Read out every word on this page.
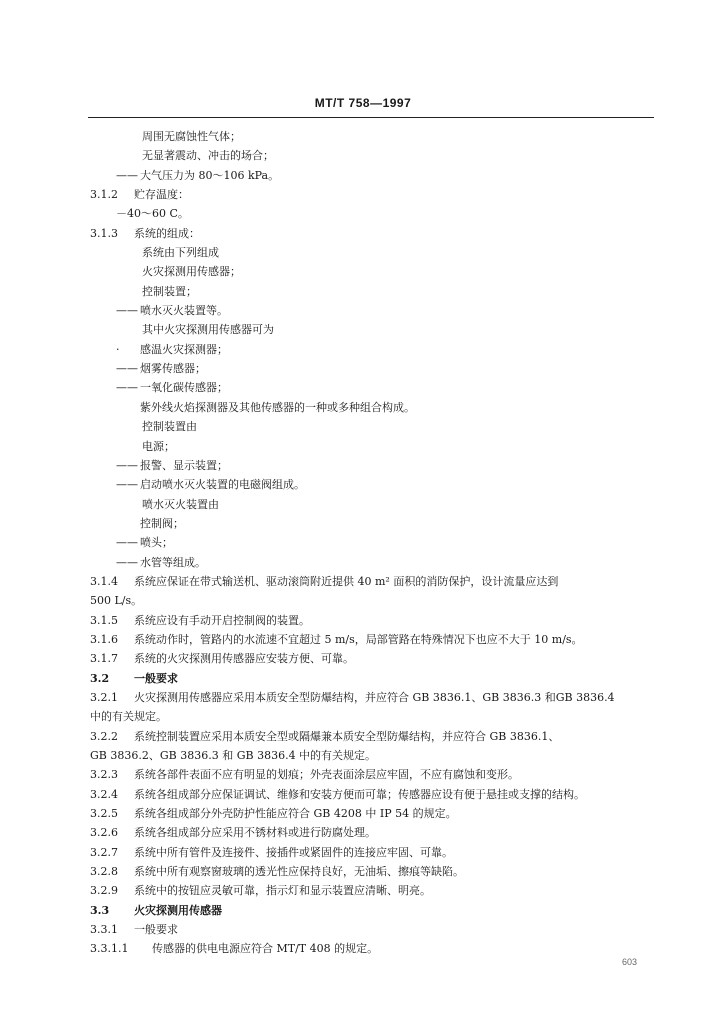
MT/T 758—1997
周围无腐蚀性气体；
无显著震动、冲击的场合；
—— 大气压力为 80～106 kPa。
3.1.2 贮存温度：
－40～60 C。
3.1.3 系统的组成：
系统由下列组成
火灾探测用传感器；
控制装置；
—— 喷水灭火装置等。
其中火灾探测用传感器可为
· 感温火灾探测器；
—— 烟雾传感器；
—— 一氧化碳传感器；
紫外线火焰探测器及其他传感器的一种或多种组合构成。
控制装置由
电源；
—— 报警、显示装置；
—— 启动喷水灭火装置的电磁阀组成。
喷水灭火装置由
控制阀；
—— 喷头；
—— 水管等组成。
3.1.4 系统应保证在带式输送机、驱动滚筒附近提供 40 m² 面积的消防保护，设计流量应达到
500 L/s。
3.1.5 系统应设有手动开启控制阀的装置。
3.1.6 系统动作时，管路内的水流速不宜超过 5 m/s，局部管路在特殊情况下也应不大于 10 m/s。
3.1.7 系统的火灾探测用传感器应安装方便、可靠。
3.2 一般要求
3.2.1 火灾探测用传感器应采用本质安全型防爆结构，并应符合 GB 3836.1、GB 3836.3 和GB 3836.4
中的有关规定。
3.2.2 系统控制装置应采用本质安全型或隔爆兼本质安全型防爆结构，并应符合 GB 3836.1、
GB 3836.2、GB 3836.3 和 GB 3836.4 中的有关规定。
3.2.3 系统各部件表面不应有明显的划痕；外壳表面涂层应牢固，不应有腐蚀和变形。
3.2.4 系统各组成部分应保证调试、维修和安装方便而可靠；传感器应设有便于悬挂或支撑的结构。
3.2.5 系统各组成部分外壳防护性能应符合 GB 4208 中 IP 54 的规定。
3.2.6 系统各组成部分应采用不锈材料或进行防腐处理。
3.2.7 系统中所有管件及连接件、接插件或紧固件的连接应牢固、可靠。
3.2.8 系统中所有观察窗玻璃的透光性应保持良好，无油垢、擦痕等缺陷。
3.2.9 系统中的按钮应灵敏可靠，指示灯和显示装置应清晰、明亮。
3.3 火灾探测用传感器
3.3.1 一般要求
3.3.1.1 传感器的供电电源应符合 MT/T 408 的规定。
603
